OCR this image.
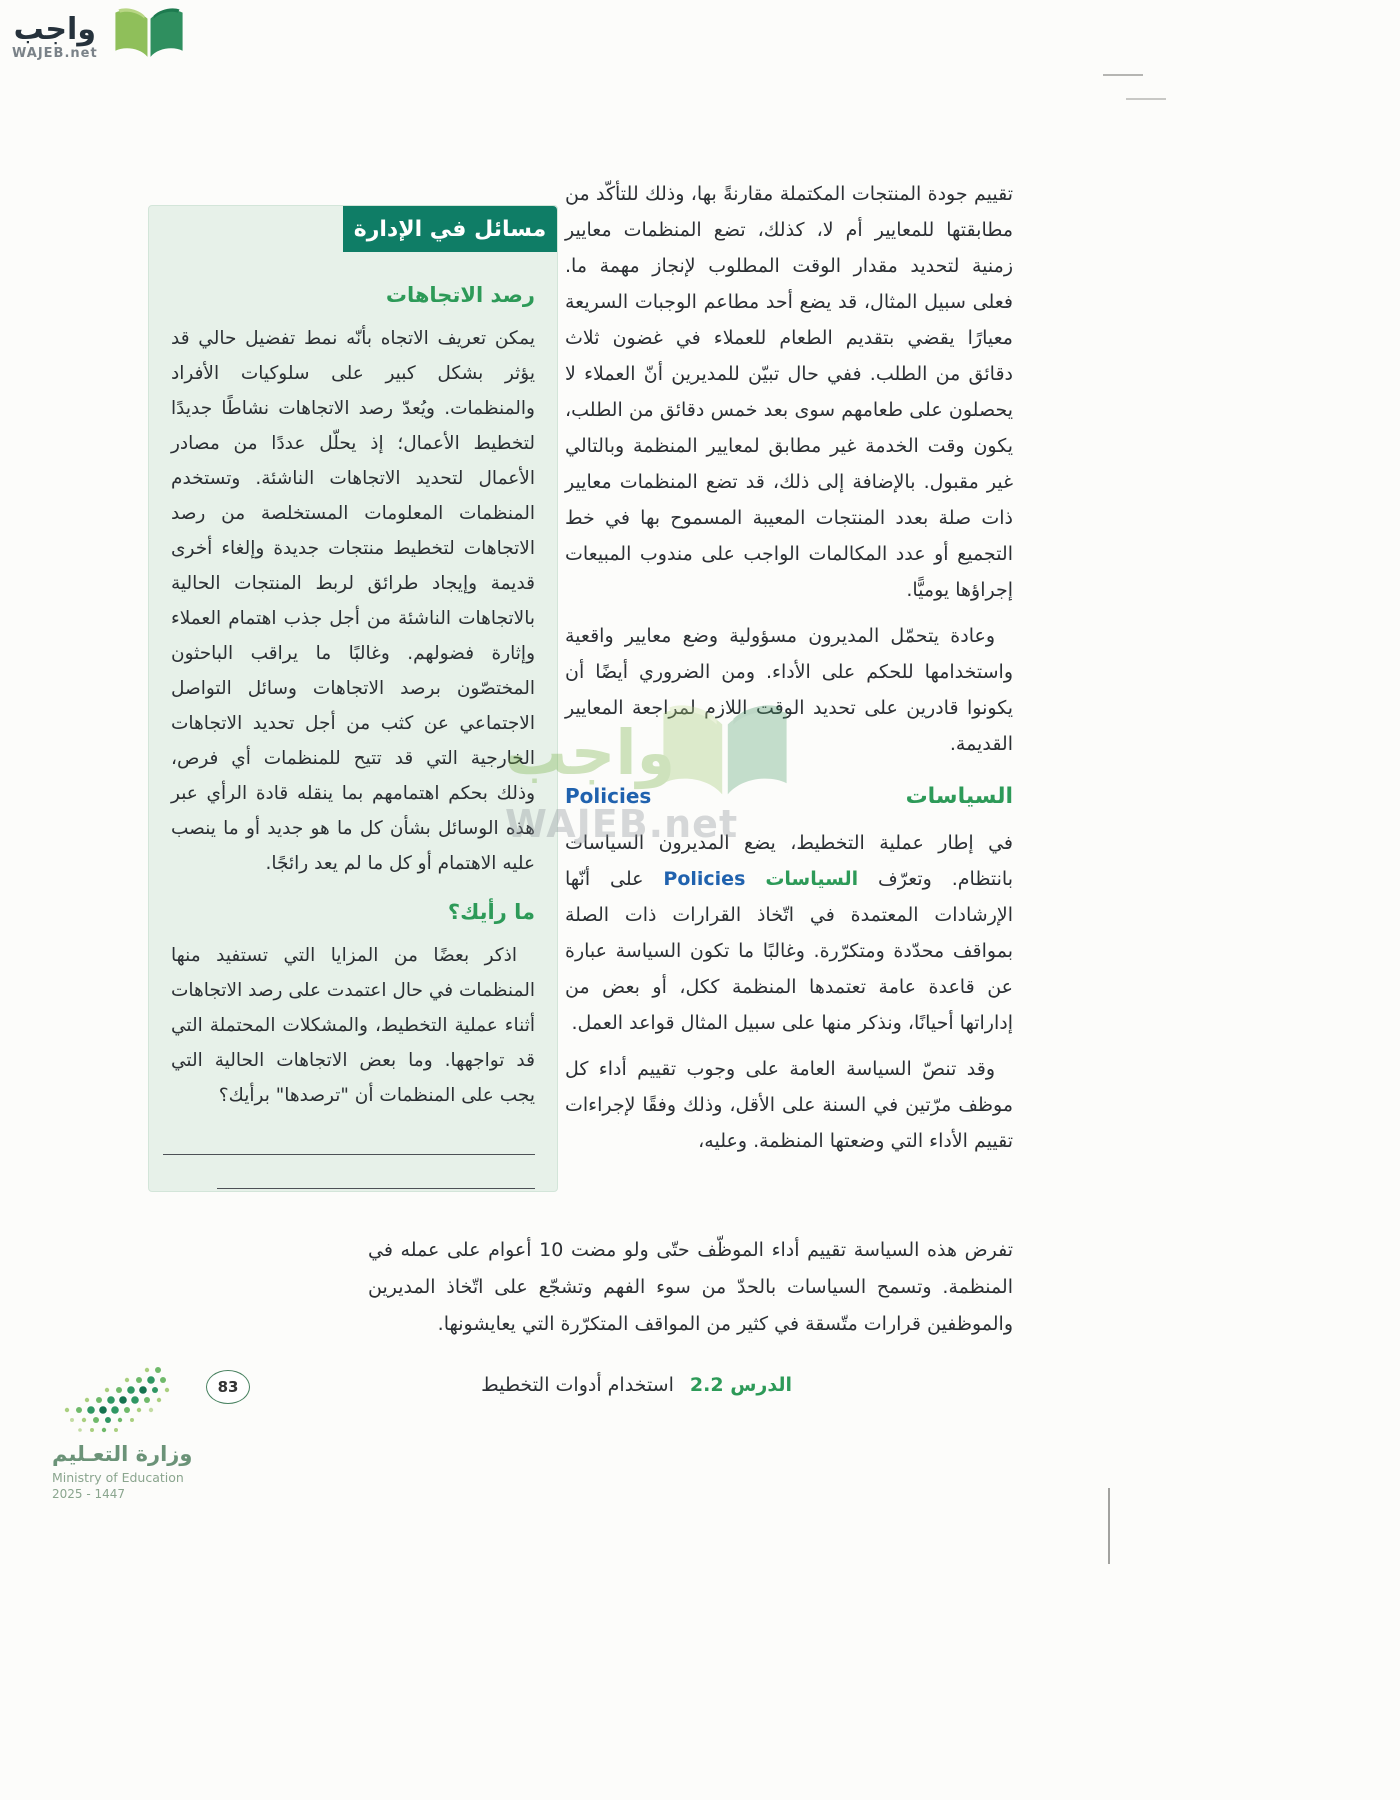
واجب
WAJEB.net

تقييم جودة المنتجات المكتملة مقارنةً بها، وذلك للتأكّد من مطابقتها للمعايير أم لا، كذلك، تضع المنظمات معايير زمنية لتحديد مقدار الوقت المطلوب لإنجاز مهمة ما. فعلى سبيل المثال، قد يضع أحد مطاعم الوجبات السريعة معيارًا يقضي بتقديم الطعام للعملاء في غضون ثلاث دقائق من الطلب. ففي حال تبيّن للمديرين أنّ العملاء لا يحصلون على طعامهم سوى بعد خمس دقائق من الطلب، يكون وقت الخدمة غير مطابق لمعايير المنظمة وبالتالي غير مقبول. بالإضافة إلى ذلك، قد تضع المنظمات معايير ذات صلة بعدد المنتجات المعيبة المسموح بها في خط التجميع أو عدد المكالمات الواجب على مندوب المبيعات إجراؤها يوميًّا.

وعادة يتحمّل المديرون مسؤولية وضع معايير واقعية واستخدامها للحكم على الأداء. ومن الضروري أيضًا أن يكونوا قادرين على تحديد الوقت اللازم لمراجعة المعايير القديمة.

السياسات
Policies

في إطار عملية التخطيط، يضع المديرون السياسات بانتظام. وتعرّف السياسات Policies على أنّها الإرشادات المعتمدة في اتّخاذ القرارات ذات الصلة بمواقف محدّدة ومتكرّرة. وغالبًا ما تكون السياسة عبارة عن قاعدة عامة تعتمدها المنظمة ككل، أو بعض من إداراتها أحيانًا، ونذكر منها على سبيل المثال قواعد العمل.

وقد تنصّ السياسة العامة على وجوب تقييم أداء كل موظف مرّتين في السنة على الأقل، وذلك وفقًا لإجراءات تقييم الأداء التي وضعتها المنظمة. وعليه،

مسائل في الإدارة
رصد الاتجاهات

يمكن تعريف الاتجاه بأنّه نمط تفضيل حالي قد يؤثر بشكل كبير على سلوكيات الأفراد والمنظمات. ويُعدّ رصد الاتجاهات نشاطًا جديدًا لتخطيط الأعمال؛ إذ يحلّل عددًا من مصادر الأعمال لتحديد الاتجاهات الناشئة. وتستخدم المنظمات المعلومات المستخلصة من رصد الاتجاهات لتخطيط منتجات جديدة وإلغاء أخرى قديمة وإيجاد طرائق لربط المنتجات الحالية بالاتجاهات الناشئة من أجل جذب اهتمام العملاء وإثارة فضولهم. وغالبًا ما يراقب الباحثون المختصّون برصد الاتجاهات وسائل التواصل الاجتماعي عن كثب من أجل تحديد الاتجاهات الخارجية التي قد تتيح للمنظمات أي فرص، وذلك بحكم اهتمامهم بما ينقله قادة الرأي عبر هذه الوسائل بشأن كل ما هو جديد أو ما ينصب عليه الاهتمام أو كل ما لم يعد رائجًا.

ما رأيك؟

اذكر بعضًا من المزايا التي تستفيد منها المنظمات في حال اعتمدت على رصد الاتجاهات أثناء عملية التخطيط، والمشكلات المحتملة التي قد تواجهها. وما بعض الاتجاهات الحالية التي يجب على المنظمات أن "ترصدها" برأيك؟

تفرض هذه السياسة تقييم أداء الموظّف حتّى ولو مضت 10 أعوام على عمله في المنظمة. وتسمح السياسات بالحدّ من سوء الفهم وتشجّع على اتّخاذ المديرين والموظفين قرارات متّسقة في كثير من المواقف المتكرّرة التي يعايشونها.

الدرس 2.2 استخدام أدوات التخطيط
83
وزارة التعـليم
Ministry of Education
2025 - 1447
واجب
WAJEB.net
